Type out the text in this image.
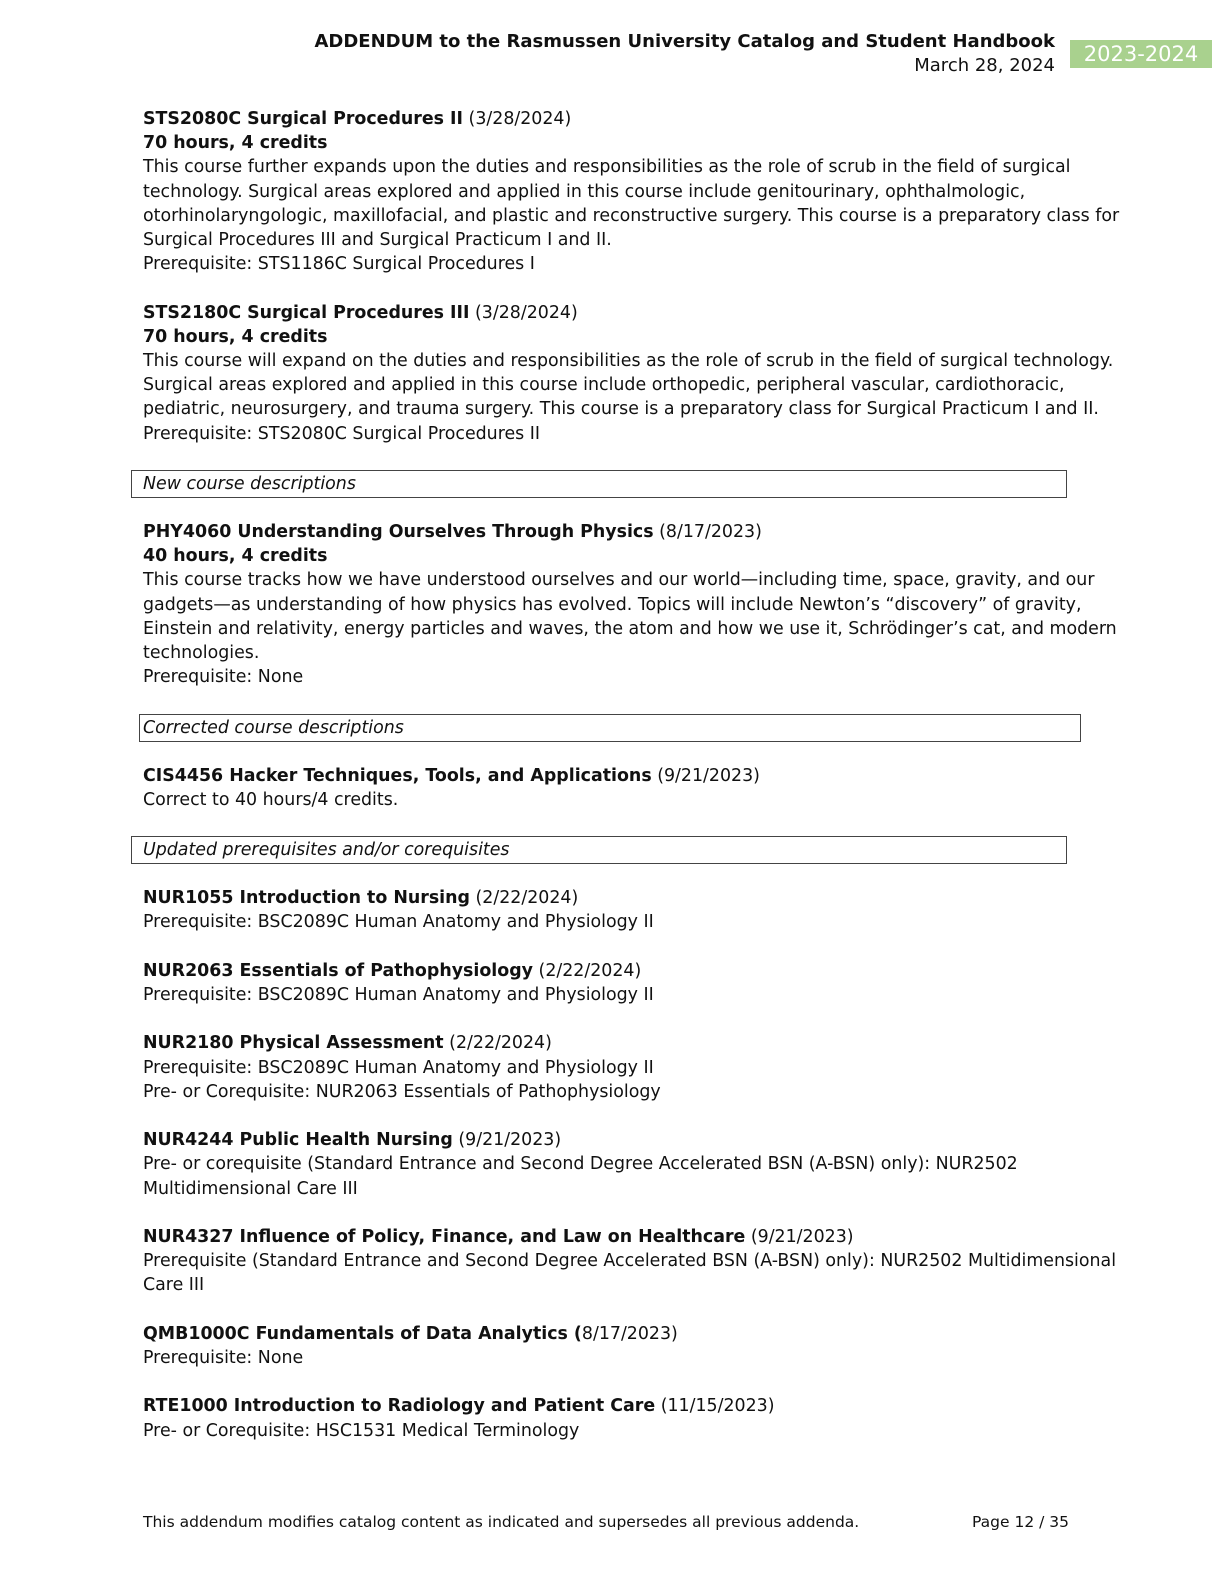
ADDENDUM to the Rasmussen University Catalog and Student Handbook
March 28, 2024	2023-2024
STS2080C Surgical Procedures II (3/28/2024)
70 hours, 4 credits
This course further expands upon the duties and responsibilities as the role of scrub in the field of surgical
technology. Surgical areas explored and applied in this course include genitourinary, ophthalmologic,
otorhinolaryngologic, maxillofacial, and plastic and reconstructive surgery. This course is a preparatory class for
Surgical Procedures III and Surgical Practicum I and II.
Prerequisite: STS1186C Surgical Procedures I
STS2180C Surgical Procedures III (3/28/2024)
70 hours, 4 credits
This course will expand on the duties and responsibilities as the role of scrub in the field of surgical technology.
Surgical areas explored and applied in this course include orthopedic, peripheral vascular, cardiothoracic,
pediatric, neurosurgery, and trauma surgery. This course is a preparatory class for Surgical Practicum I and II.
Prerequisite: STS2080C Surgical Procedures II
New course descriptions
PHY4060 Understanding Ourselves Through Physics (8/17/2023)
40 hours, 4 credits
This course tracks how we have understood ourselves and our world—including time, space, gravity, and our
gadgets—as understanding of how physics has evolved. Topics will include Newton’s “discovery” of gravity,
Einstein and relativity, energy particles and waves, the atom and how we use it, Schrödinger’s cat, and modern
technologies.
Prerequisite: None
Corrected course descriptions
CIS4456 Hacker Techniques, Tools, and Applications (9/21/2023)
Correct to 40 hours/4 credits.
Updated prerequisites and/or corequisites
NUR1055 Introduction to Nursing (2/22/2024)
Prerequisite: BSC2089C Human Anatomy and Physiology II
NUR2063 Essentials of Pathophysiology (2/22/2024)
Prerequisite: BSC2089C Human Anatomy and Physiology II
NUR2180 Physical Assessment (2/22/2024)
Prerequisite: BSC2089C Human Anatomy and Physiology II
Pre- or Corequisite: NUR2063 Essentials of Pathophysiology
NUR4244 Public Health Nursing (9/21/2023)
Pre- or corequisite (Standard Entrance and Second Degree Accelerated BSN (A-BSN) only): NUR2502
Multidimensional Care III
NUR4327 Influence of Policy, Finance, and Law on Healthcare (9/21/2023)
Prerequisite (Standard Entrance and Second Degree Accelerated BSN (A-BSN) only): NUR2502 Multidimensional
Care III
QMB1000C Fundamentals of Data Analytics (8/17/2023)
Prerequisite: None
RTE1000 Introduction to Radiology and Patient Care (11/15/2023)
Pre- or Corequisite: HSC1531 Medical Terminology
This addendum modifies catalog content as indicated and supersedes all previous addenda.	Page 12 / 35
